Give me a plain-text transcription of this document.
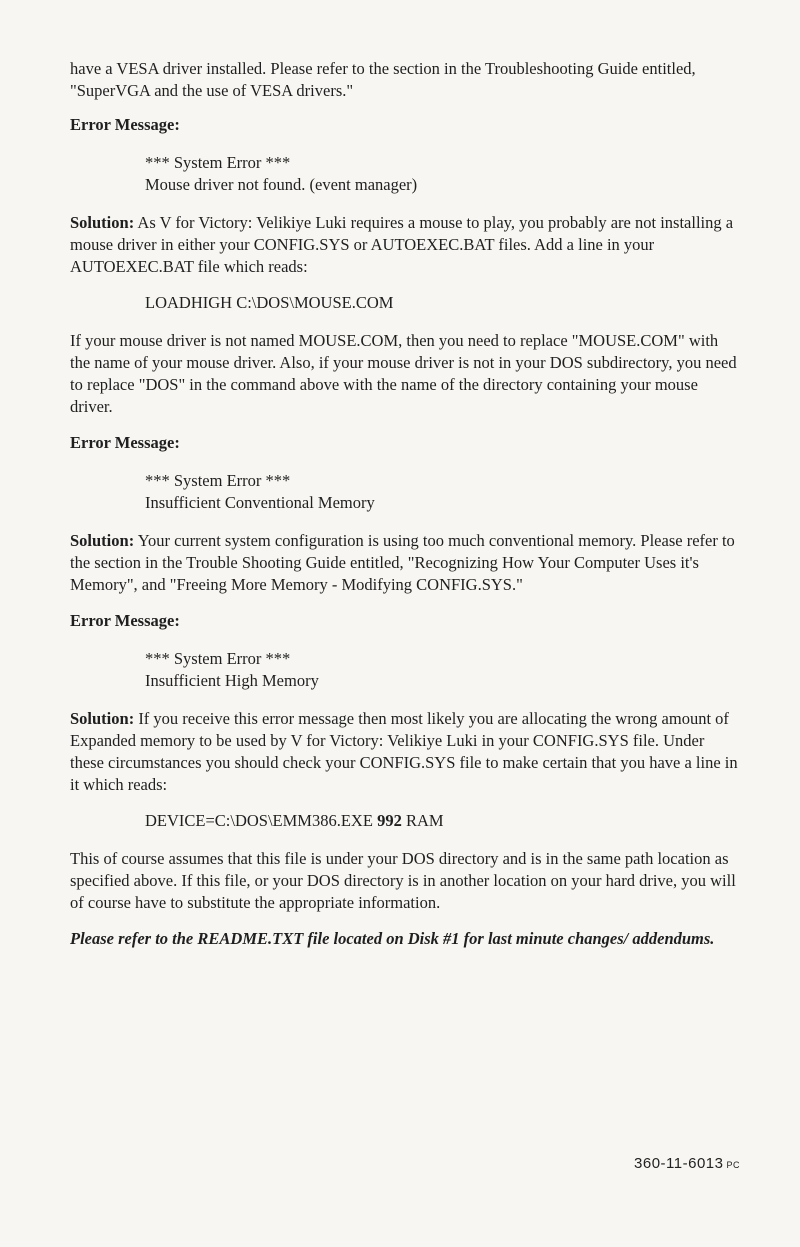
have a VESA driver installed. Please refer to the section in the Troubleshooting Guide entitled, "SuperVGA and the use of VESA drivers."

Error Message:

*** System Error ***

Mouse driver not found. (event manager)

Solution: As V for Victory: Velikiye Luki requires a mouse to play, you probably are not installing a mouse driver in either your CONFIG.SYS or AUTOEXEC.BAT files. Add a line in your AUTOEXEC.BAT file which reads:

LOADHIGH C:\DOS\MOUSE.COM

If your mouse driver is not named MOUSE.COM, then you need to replace "MOUSE.COM" with the name of your mouse driver. Also, if your mouse driver is not in your DOS subdirectory, you need to replace "DOS" in the command above with the name of the directory containing your mouse driver.

Error Message:

*** System Error ***

Insufficient Conventional Memory

Solution: Your current system configuration is using too much conventional memory. Please refer to the section in the Trouble Shooting Guide entitled, "Recognizing How Your Computer Uses it's Memory", and "Freeing More Memory - Modifying CONFIG.SYS."

Error Message:

*** System Error ***

Insufficient High Memory

Solution: If you receive this error message then most likely you are allocating the wrong amount of Expanded memory to be used by V for Victory: Velikiye Luki in your CONFIG.SYS file. Under these circumstances you should check your CONFIG.SYS file to make certain that you have a line in it which reads:

DEVICE=C:\DOS\EMM386.EXE 992 RAM

This of course assumes that this file is under your DOS directory and is in the same path location as specified above. If this file, or your DOS directory is in another location on your hard drive, you will of course have to substitute the appropriate information.

Please refer to the README.TXT file located on Disk #1 for last minute changes/ addendums.

360-11-6013 PC
